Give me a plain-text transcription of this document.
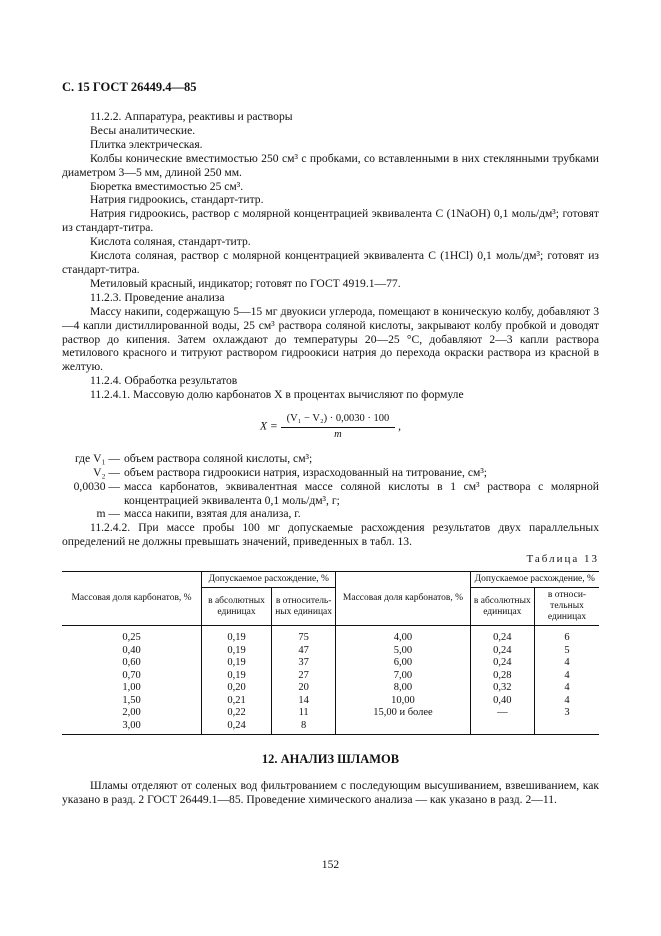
С. 15 ГОСТ 26449.4—85
11.2.2. Аппаратура, реактивы и растворы
Весы аналитические.
Плитка электрическая.
Колбы конические вместимостью 250 см³ с пробками, со вставленными в них стеклянными трубками диаметром 3—5 мм, длиной 250 мм.
Бюретка вместимостью 25 см³.
Натрия гидроокись, стандарт-титр.
Натрия гидроокись, раствор с молярной концентрацией эквивалента С (1NaOH) 0,1 моль/дм³; готовят из стандарт-титра.
Кислота соляная, стандарт-титр.
Кислота соляная, раствор с молярной концентрацией эквивалента С (1HCl) 0,1 моль/дм³; готовят из стандарт-титра.
Метиловый красный, индикатор; готовят по ГОСТ 4919.1—77.
11.2.3. Проведение анализа
Массу накипи, содержащую 5—15 мг двуокиси углерода, помещают в коническую колбу, добавляют 3—4 капли дистиллированной воды, 25 см³ раствора соляной кислоты, закрывают колбу пробкой и доводят раствор до кипения. Затем охлаждают до температуры 20—25 °С, добавляют 2—3 капли раствора метилового красного и титруют раствором гидроокиси натрия до перехода окраски раствора из красной в желтую.
11.2.4. Обработка результатов
11.2.4.1. Массовую долю карбонатов X в процентах вычисляют по формуле
$X = \frac{\text{(V₁ − V₂) · 0,0030 · 100}}{m}$ ,
где V₁ — объем раствора соляной кислоты, см³;
V₂ — объем раствора гидроокиси натрия, израсходованный на титрование, см³;
0,0030 — масса карбонатов, эквивалентная массе соляной кислоты в 1 см³ раствора с молярной концентрацией эквивалента 0,1 моль/дм³, г;
m — масса накипи, взятая для анализа, г.
11.2.4.2. При массе пробы 100 мг допускаемые расхождения результатов двух параллельных определений не должны превышать значений, приведенных в табл. 13.
Таблица 13
Массовая доля карбонатов, %	Допускаемое расхождение, %		Массовая доля карбонатов, %	Допускаемое расхождение, %	
	в абсолютных единицах	в относитель-ных единицах		в абсолютных единицах	в относи-тельных единицах
0,25	0,19	75	4,00	0,24	6
0,40	0,19	47	5,00	0,24	5
0,60	0,19	37	6,00	0,24	4
0,70	0,19	27	7,00	0,28	4
1,00	0,20	20	8,00	0,32	4
1,50	0,21	14	10,00	0,40	4
2,00	0,22	11	15,00 и более	—	3
3,00	0,24	8			
12. АНАЛИЗ ШЛАМОВ
Шламы отделяют от соленых вод фильтрованием с последующим высушиванием, взвешиванием, как указано в разд. 2 ГОСТ 26449.1—85. Проведение химического анализа — как указано в разд. 2—11.
152
